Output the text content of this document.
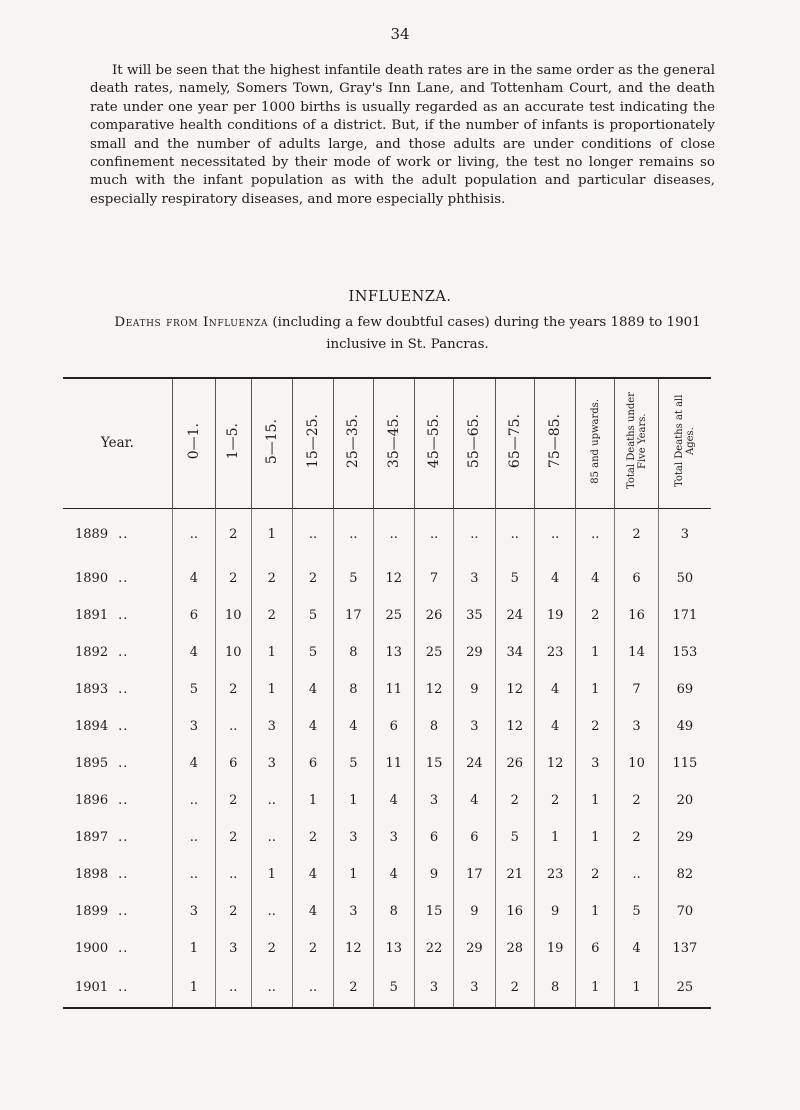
34

It will be seen that the highest infantile death rates are in the same order as the general death rates, namely, Somers Town, Gray's Inn Lane, and Tottenham Court, and the death rate under one year per 1000 births is usually regarded as an accurate test indicating the comparative health conditions of a district. But, if the number of infants is proportionately small and the number of adults large, and those adults are under conditions of close confinement necessitated by their mode of work or living, the test no longer remains so much with the infant population as with the adult population and particular diseases, especially respiratory diseases, and more especially phthisis.

INFLUENZA.
Deaths from Influenza (including a few doubtful cases) during the years 1889 to 1901 inclusive in St. Pancras.
Year.	0—1.	1—5.	5—15.	15—25.	25—35.	35—45.	45—55.	55—65.	65—75.	75—85.	85 and upwards.	Total Deaths under Five Years.	Total Deaths at all Ages.
1889 ..	..	2	1	..	..	..	..	..	..	..	..	2	3
1890 ..	4	2	2	2	5	12	7	3	5	4	4	6	50
1891 ..	6	10	2	5	17	25	26	35	24	19	2	16	171
1892 ..	4	10	1	5	8	13	25	29	34	23	1	14	153
1893 ..	5	2	1	4	8	11	12	9	12	4	1	7	69
1894 ..	3	..	3	4	4	6	8	3	12	4	2	3	49
1895 ..	4	6	3	6	5	11	15	24	26	12	3	10	115
1896 ..	..	2	..	1	1	4	3	4	2	2	1	2	20
1897 ..	..	2	..	2	3	3	6	6	5	1	1	2	29
1898 ..	..	..	1	4	1	4	9	17	21	23	2	..	82
1899 ..	3	2	..	4	3	8	15	9	16	9	1	5	70
1900 ..	1	3	2	2	12	13	22	29	28	19	6	4	137
1901 ..	1	..	..	..	2	5	3	3	2	8	1	1	25
